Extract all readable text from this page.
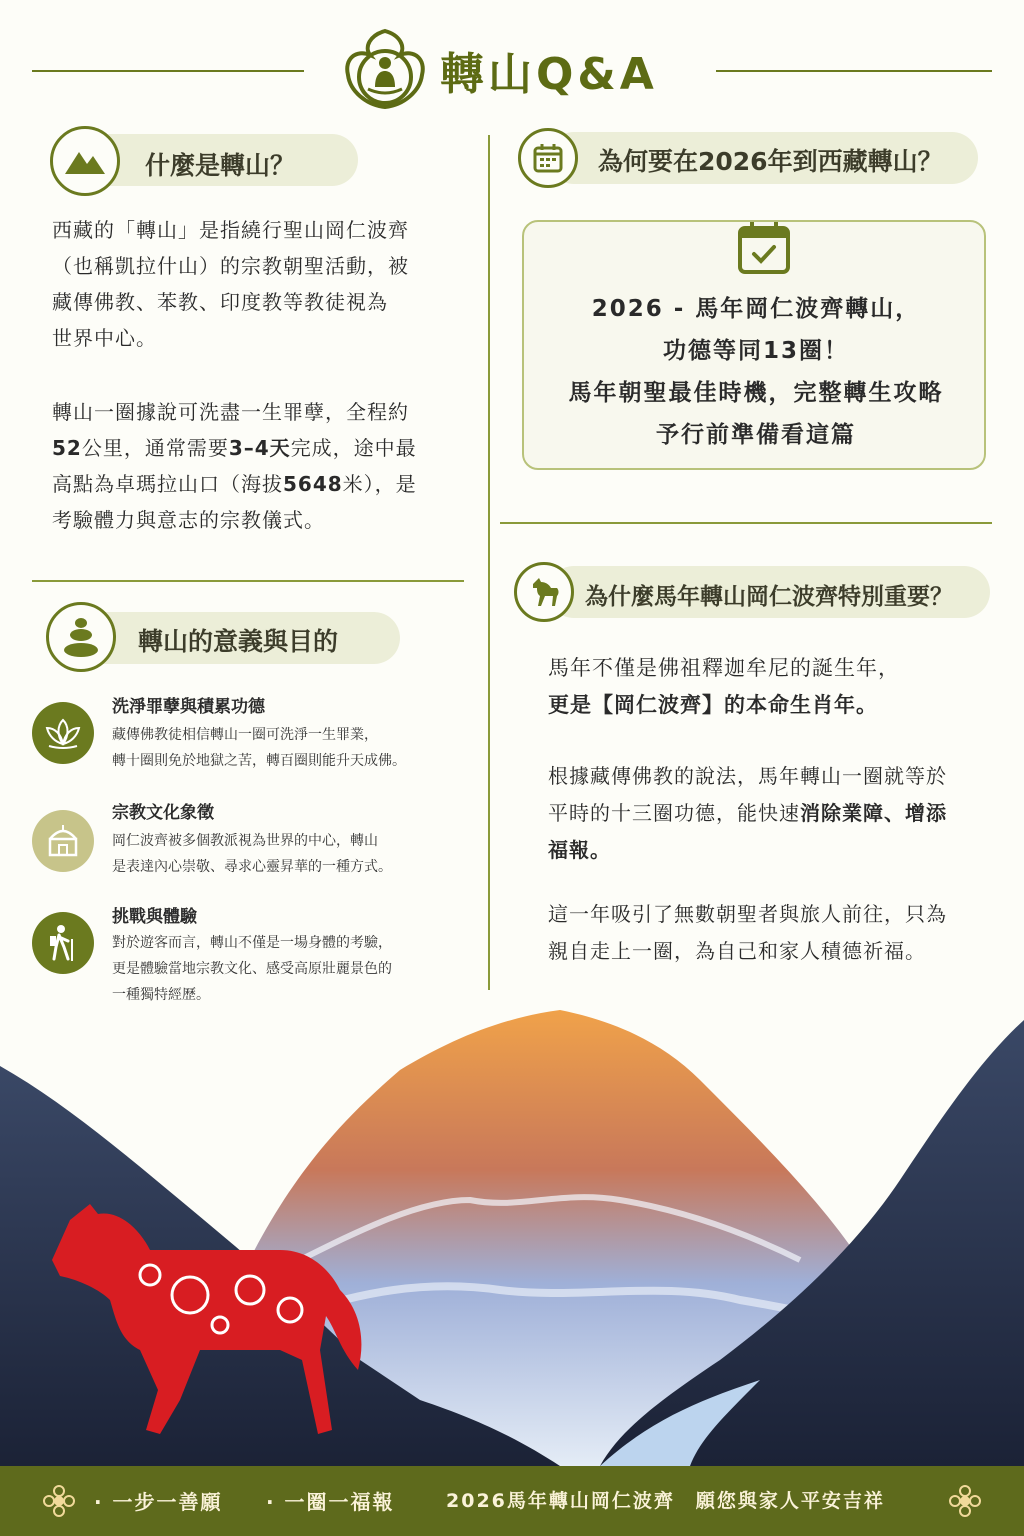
轉山Q&A
什麼是轉山？
西藏的「轉山」是指繞行聖山岡仁波齊
（也稱凱拉什山）的宗教朝聖活動，被
藏傳佛教、苯教、印度教等教徒視為
世界中心。
轉山一圈據說可洗盡一生罪孽，全程約
52公里，通常需要3–4天完成，途中最
高點為卓瑪拉山口（海拔5648米），是
考驗體力與意志的宗教儀式。
轉山的意義與目的
洗淨罪孽與積累功德
藏傳佛教徒相信轉山一圈可洗淨一生罪業，
轉十圈則免於地獄之苦，轉百圈則能升天成佛。
宗教文化象徵
岡仁波齊被多個教派視為世界的中心，轉山
是表達內心崇敬、尋求心靈昇華的一種方式。
挑戰與體驗
對於遊客而言，轉山不僅是一場身體的考驗，
更是體驗當地宗教文化、感受高原壯麗景色的
一種獨特經歷。
為何要在2026年到西藏轉山？
2026 - 馬年岡仁波齊轉山，
功德等同13圈！
馬年朝聖最佳時機，完整轉生攻略
予行前準備看這篇
為什麼馬年轉山岡仁波齊特別重要？
馬年不僅是佛祖釋迦牟尼的誕生年，
更是【岡仁波齊】的本命生肖年。
根據藏傳佛教的說法，馬年轉山一圈就等於
平時的十三圈功德，能快速消除業障、增添
福報。
這一年吸引了無數朝聖者與旅人前往，只為
親自走上一圈，為自己和家人積德祈福。
· 一步一善願 · 一圈一福報	2026馬年轉山岡仁波齊　願您與家人平安吉祥
